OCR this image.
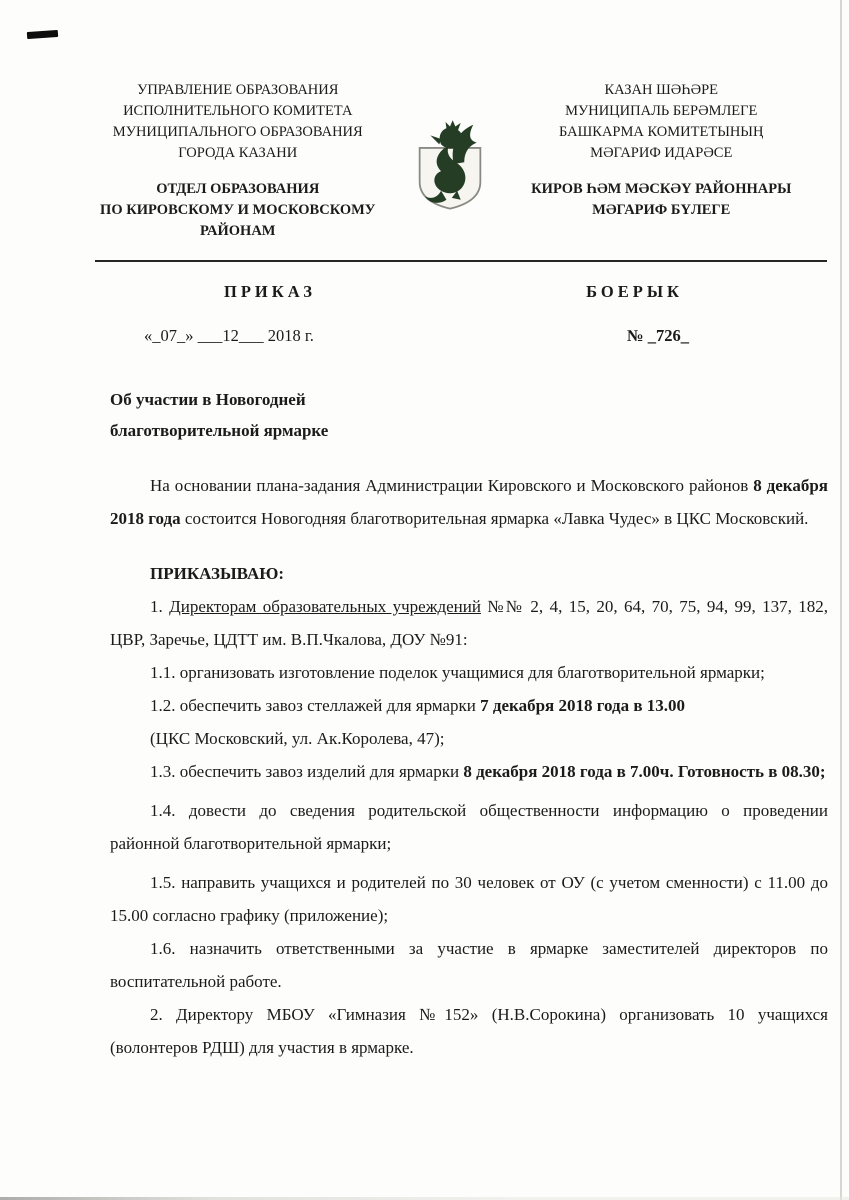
УПРАВЛЕНИЕ ОБРАЗОВАНИЯ
ИСПОЛНИТЕЛЬНОГО КОМИТЕТА
МУНИЦИПАЛЬНОГО ОБРАЗОВАНИЯ
ГОРОДА КАЗАНИ
ОТДЕЛ ОБРАЗОВАНИЯ
ПО КИРОВСКОМУ И МОСКОВСКОМУ
РАЙОНАМ
КАЗАН ШӘҺӘРЕ
МУНИЦИПАЛЬ БЕРӘМЛЕГЕ
БАШКАРМА КОМИТЕТЫНЫҢ
МӘГАРИФ ИДАРӘСЕ
КИРОВ ҺӘМ МӘСКӘҮ РАЙОННАРЫ
МӘГАРИФ БҮЛЕГЕ
ПРИКАЗ	БОЕРЫК
«_07_» ___12___ 2018 г.	№ _726_
Об участии в Новогодней
благотворительной ярмарке

На основании плана-задания Администрации Кировского и Московского районов 8 декабря 2018 года состоится Новогодняя благотворительная ярмарка «Лавка Чудес» в ЦКС Московский.

ПРИКАЗЫВАЮ:

1. Директорам образовательных учреждений №№ 2, 4, 15, 20, 64, 70, 75, 94, 99, 137, 182, ЦВР, Заречье, ЦДТТ им. В.П.Чкалова, ДОУ №91:

1.1. организовать изготовление поделок учащимися для благотворительной ярмарки;

1.2. обеспечить завоз стеллажей для ярмарки 7 декабря 2018 года в 13.00

(ЦКС Московский, ул. Ак.Королева, 47);

1.3. обеспечить завоз изделий для ярмарки 8 декабря 2018 года в 7.00ч. Готовность в 08.30;

1.4. довести до сведения родительской общественности информацию о проведении районной благотворительной ярмарки;

1.5. направить учащихся и родителей по 30 человек от ОУ (с учетом сменности) с 11.00 до 15.00 согласно графику (приложение);

1.6. назначить ответственными за участие в ярмарке заместителей директоров по воспитательной работе.

2. Директору МБОУ «Гимназия №152» (Н.В.Сорокина) организовать 10 учащихся (волонтеров РДШ) для участия в ярмарке.
